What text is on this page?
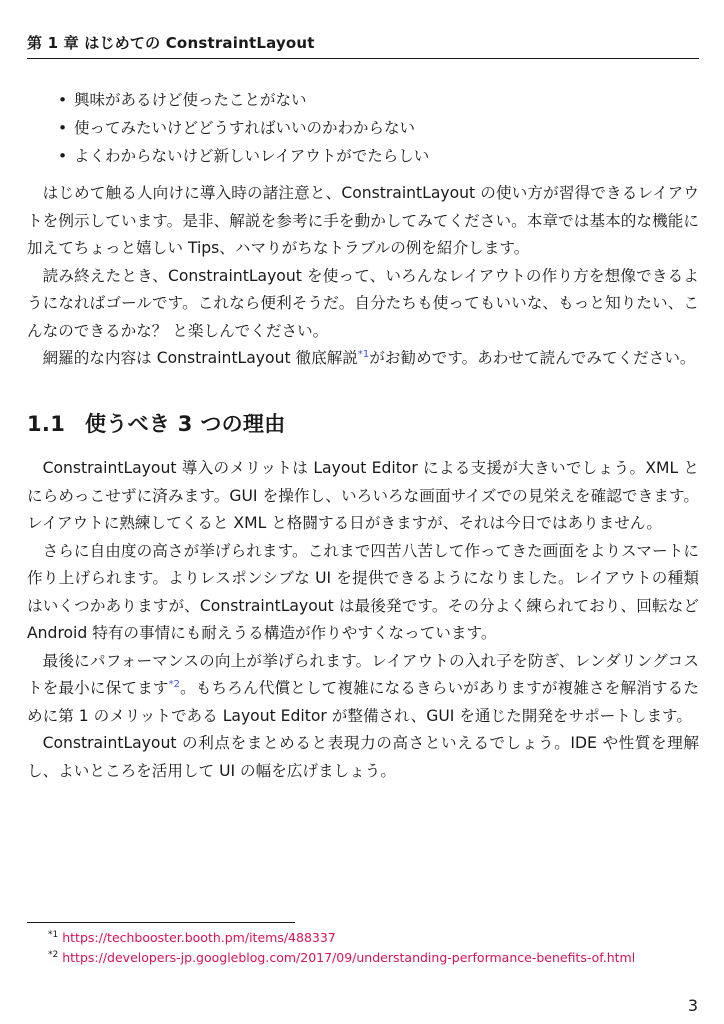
第 1 章 はじめての ConstraintLayout
• 興味があるけど使ったことがない
• 使ってみたいけどどうすればいいのかわからない
• よくわからないけど新しいレイアウトがでたらしい

はじめて触る人向けに導入時の諸注意と、ConstraintLayout の使い方が習得できるレイアウトを例示しています。是非、解説を参考に手を動かしてみてください。本章では基本的な機能に加えてちょっと嬉しい Tips、ハマりがちなトラブルの例を紹介します。

読み終えたとき、ConstraintLayout を使って、いろんなレイアウトの作り方を想像できるようになればゴールです。これなら便利そうだ。自分たちも使ってもいいな、もっと知りたい、こんなのできるかな？ と楽しんでください。

網羅的な内容は ConstraintLayout 徹底解説$^{*1}$がお勧めです。あわせて読んでみてください。

1.1 使うべき 3 つの理由

ConstraintLayout 導入のメリットは Layout Editor による支援が大きいでしょう。XML とにらめっこせずに済みます。GUI を操作し、いろいろな画面サイズでの見栄えを確認できます。レイアウトに熟練してくると XML と格闘する日がきますが、それは今日ではありません。

さらに自由度の高さが挙げられます。これまで四苦八苦して作ってきた画面をよりスマートに作り上げられます。よりレスポンシブな UI を提供できるようになりました。レイアウトの種類はいくつかありますが、ConstraintLayout は最後発です。その分よく練られており、回転など Android 特有の事情にも耐えうる構造が作りやすくなっています。

最後にパフォーマンスの向上が挙げられます。レイアウトの入れ子を防ぎ、レンダリングコストを最小に保てます$^{*2}$。もちろん代償として複雑になるきらいがありますが複雑さを解消するために第 1 のメリットである Layout Editor が整備され、GUI を通じた開発をサポートします。

ConstraintLayout の利点をまとめると表現力の高さといえるでしょう。IDE や性質を理解し、よいところを活用して UI の幅を広げましょう。

$^{*1}$ https://techbooster.booth.pm/items/488337
$^{*2}$ https://developers-jp.googleblog.com/2017/09/understanding-performance-benefits-of.html
3
